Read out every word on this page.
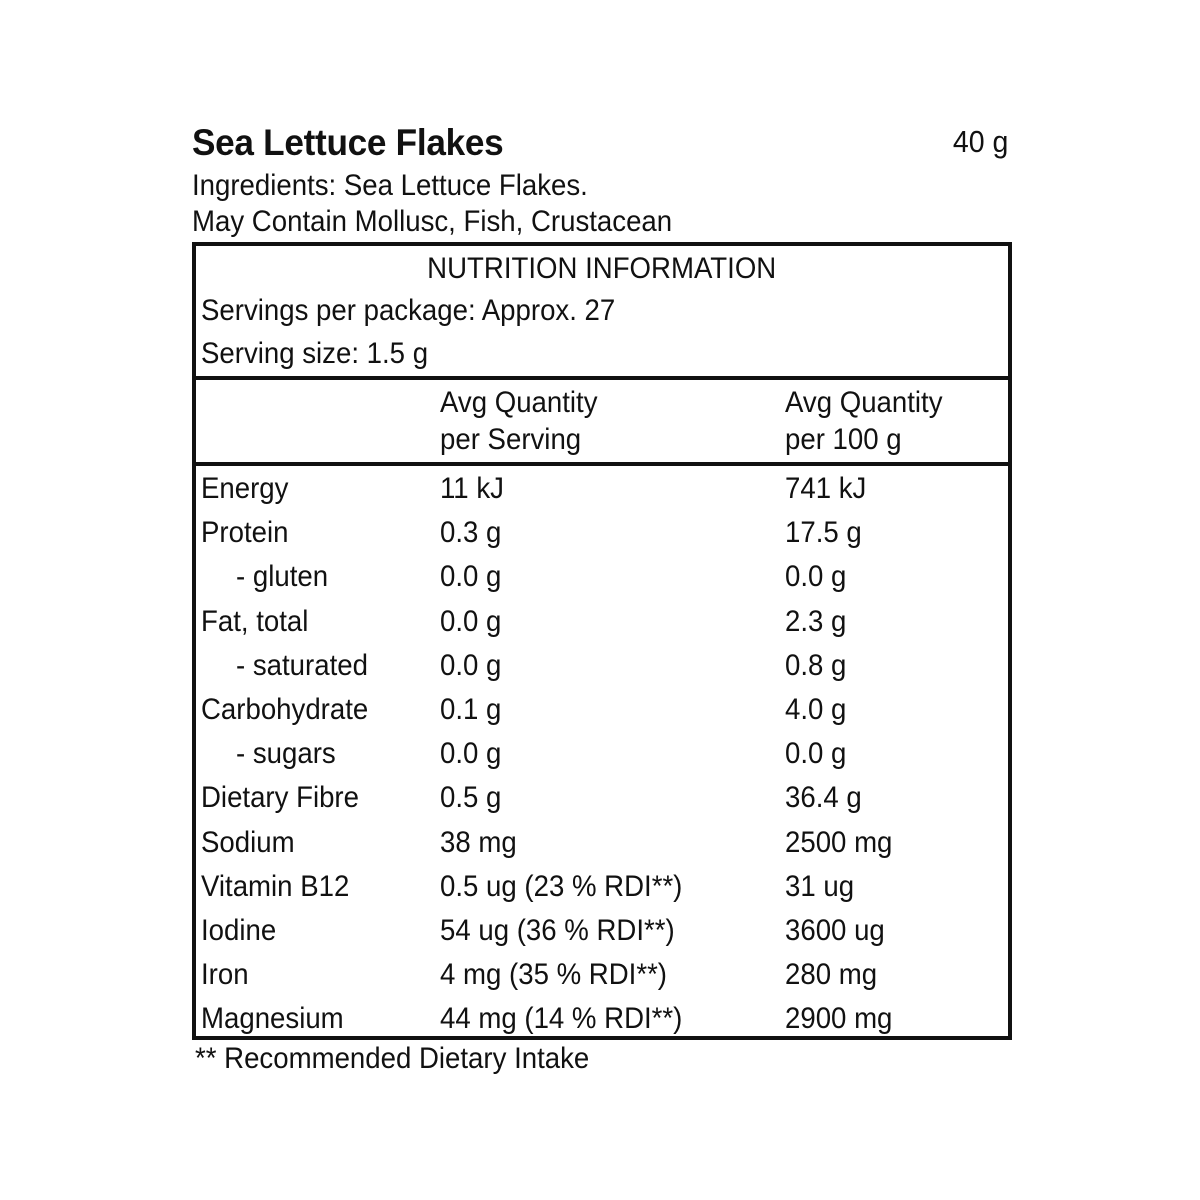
Sea Lettuce Flakes	40 g
Ingredients: Sea Lettuce Flakes.
May Contain Mollusc, Fish, Crustacean
NUTRITION INFORMATION
Servings per package: Approx. 27
Serving size: 1.5 g
Avg Quantity
per Serving
Avg Quantity
per 100 g
Energy	11 kJ	741 kJ
Protein	0.3 g	17.5 g
- gluten	0.0 g	0.0 g
Fat, total	0.0 g	2.3 g
- saturated 0.0 g	0.8 g
Carbohydrate 0.1 g	4.0 g
- sugars	0.0 g	0.0 g
Dietary Fibre	0.5 g	36.4 g
Sodium	38 mg	2500 mg
Vitamin B12	0.5 ug (23 % RDI**)	31 ug
Iodine	54 ug (36 % RDI**)	3600 ug
Iron	4 mg (35 % RDI**)	280 mg
Magnesium	44 mg (14 % RDI**)	2900 mg
** Recommended Dietary Intake
